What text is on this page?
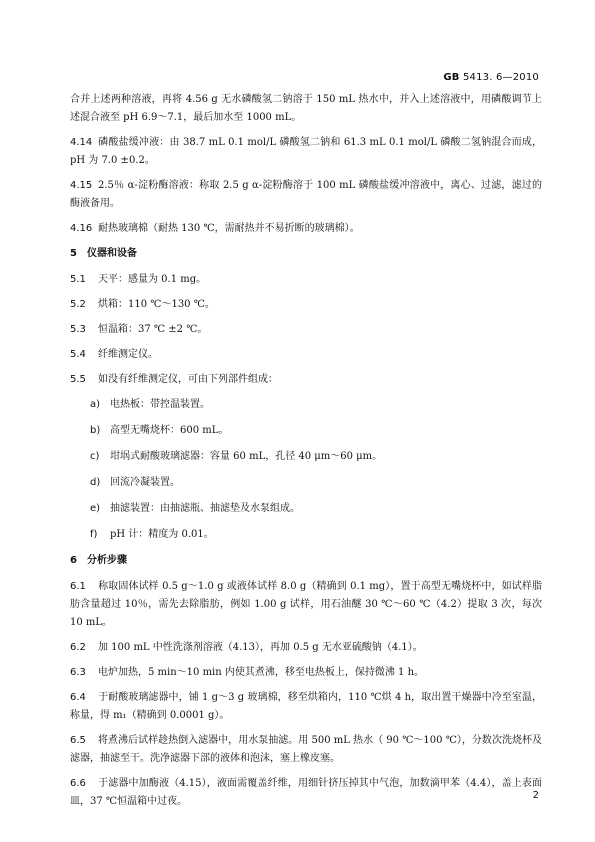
GB 5413. 6—2010

合并上述两种溶液，再将 4.56 g 无水磷酸氢二钠溶于 150 mL 热水中，并入上述溶液中，用磷酸调节上述混合液至 pH 6.9～7.1，最后加水至 1000 mL。

4.14 磷酸盐缓冲液：由 38.7 mL 0.1 mol/L 磷酸氢二钠和 61.3 mL 0.1 mol/L 磷酸二氢钠混合而成，pH 为 7.0 ±0.2。

4.15 2.5％ α-淀粉酶溶液：称取 2.5 g α-淀粉酶溶于 100 mL 磷酸盐缓冲溶液中，离心、过滤，滤过的酶液备用。

4.16 耐热玻璃棉（耐热 130 ℃，需耐热并不易折断的玻璃棉）。

5　仪器和设备

5.1 天平：感量为 0.1 mg。

5.2 烘箱：110 ℃～130 ℃。

5.3 恒温箱：37 ℃ ±2 ℃。

5.4 纤维测定仪。

5.5 如没有纤维测定仪，可由下列部件组成：

a) 电热板：带控温装置。

b) 高型无嘴烧杯：600 mL。

c) 坩埚式耐酸玻璃滤器：容量 60 mL，孔径 40 μm～60 μm。

d) 回流冷凝装置。

e) 抽滤装置：由抽滤瓶、抽滤垫及水泵组成。

f) pH 计：精度为 0.01。

6　分析步骤

6.1 称取固体试样 0.5 g～1.0 g 或液体试样 8.0 g（精确到 0.1 mg），置于高型无嘴烧杯中，如试样脂肪含量超过 10％，需先去除脂肪，例如 1.00 g 试样，用石油醚 30 ℃～60 ℃（4.2）提取 3 次，每次 10 mL。

6.2 加 100 mL 中性洗涤剂溶液（4.13），再加 0.5 g 无水亚硫酸钠（4.1）。

6.3 电炉加热，5 min～10 min 内使其煮沸，移至电热板上，保持微沸 1 h。

6.4 于耐酸玻璃滤器中，铺 1 g～3 g 玻璃棉，移至烘箱内，110 ℃烘 4 h，取出置干燥器中冷至室温，称量，得 m₁（精确到 0.0001 g）。

6.5 将煮沸后试样趁热倒入滤器中，用水泵抽滤。用 500 mL 热水（ 90 ℃～100 ℃），分数次洗烧杯及滤器，抽滤至干。洗净滤器下部的液体和泡沫，塞上橡皮塞。

6.6 于滤器中加酶液（4.15），液面需覆盖纤维，用细针挤压掉其中气泡，加数滴甲苯（4.4），盖上表面皿，37 ℃恒温箱中过夜。

2
